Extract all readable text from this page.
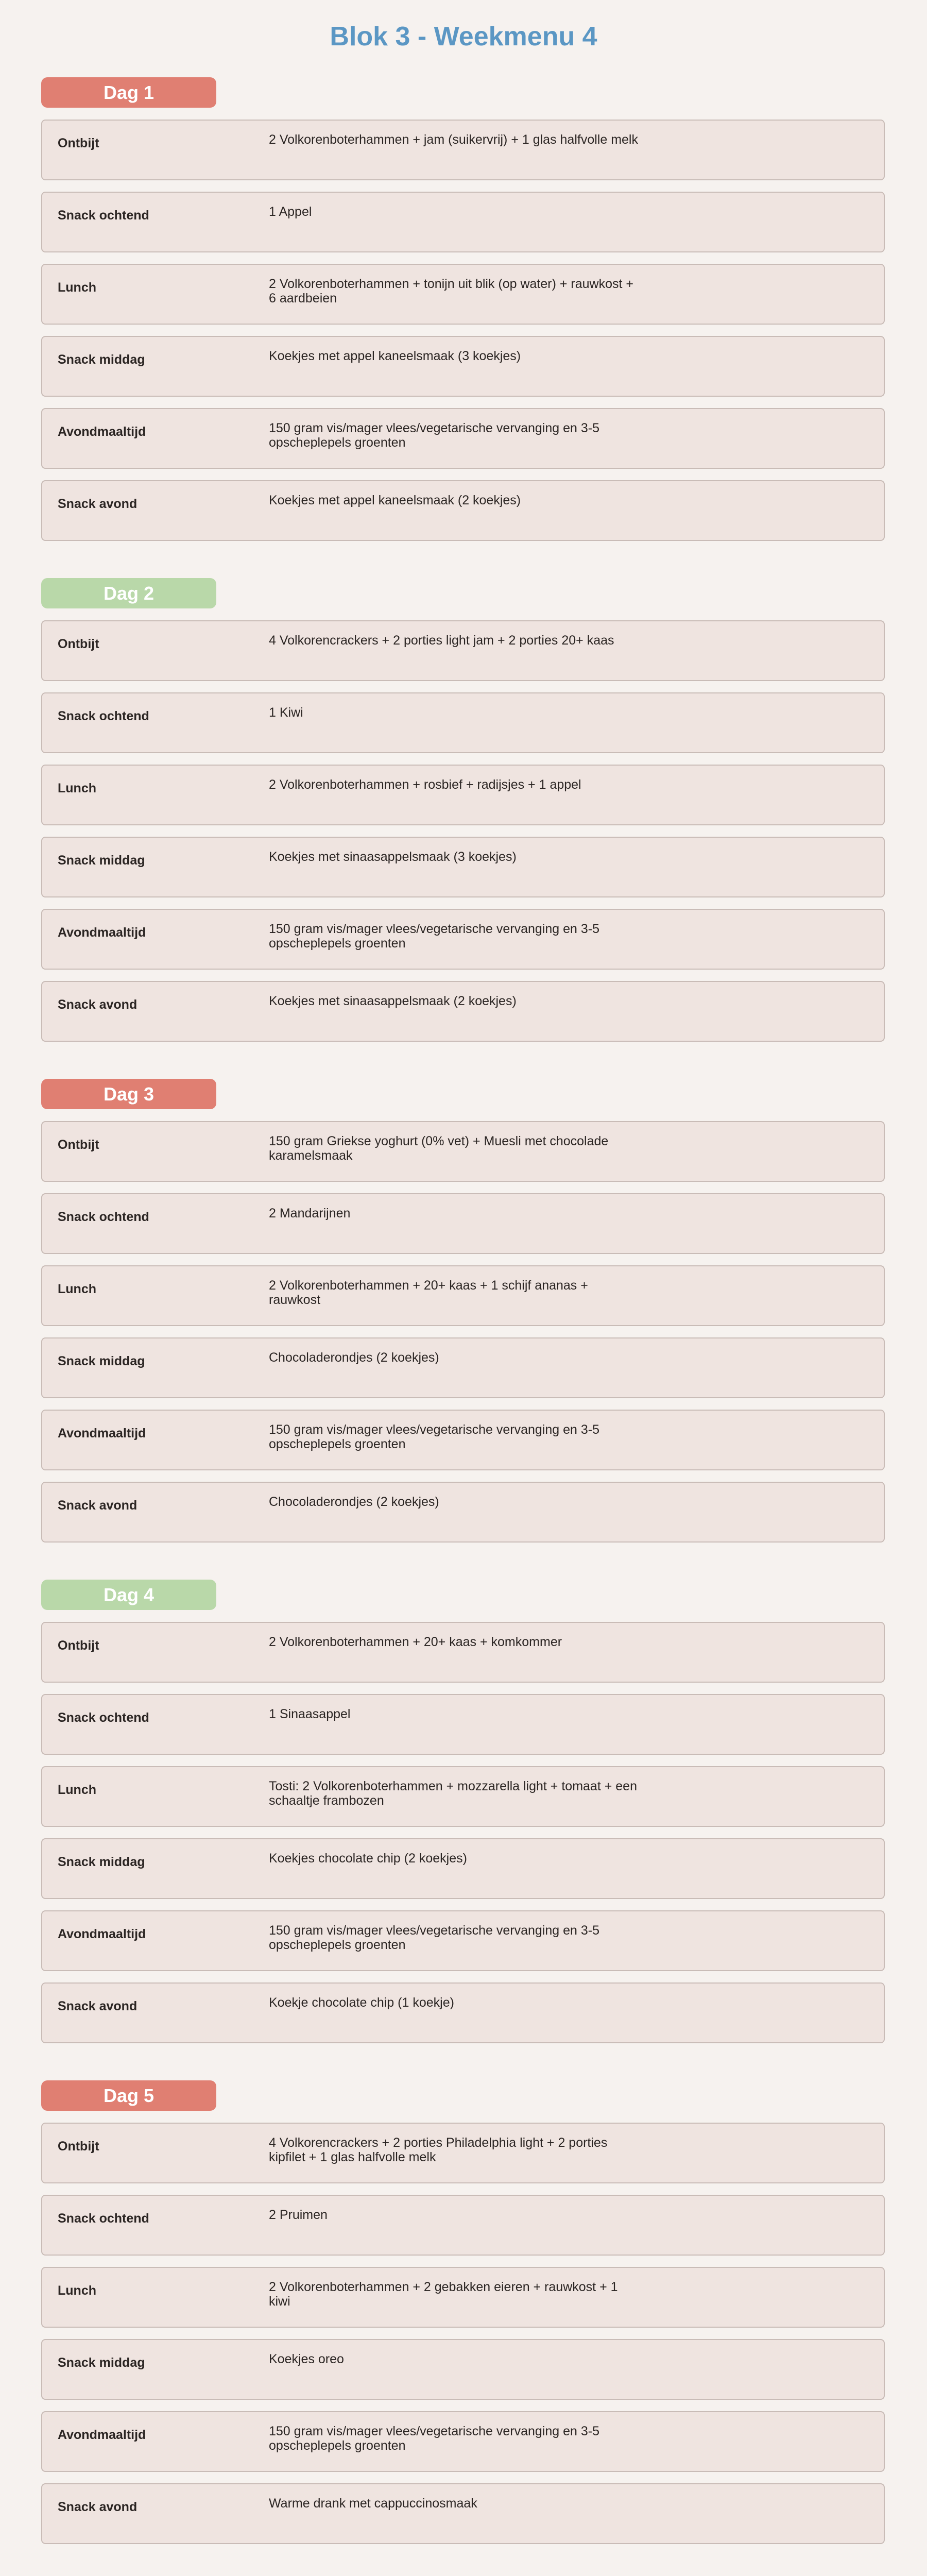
Blok 3 - Weekmenu 4
Dag 1
Ontbijt	2 Volkorenboterhammen + jam (suikervrij) + 1 glas halfvolle melk
Snack ochtend	1 Appel
Lunch	2 Volkorenboterhammen + tonijn uit blik (op water) + rauwkost + 6 aardbeien
Snack middag	Koekjes met appel kaneelsmaak (3 koekjes)
Avondmaaltijd	150 gram vis/mager vlees/vegetarische vervanging en 3-5 opscheplepels groenten
Snack avond	Koekjes met appel kaneelsmaak (2 koekjes)
Dag 2
Ontbijt	4 Volkorencrackers + 2 porties light jam + 2 porties 20+ kaas
Snack ochtend	1 Kiwi
Lunch	2 Volkorenboterhammen + rosbief + radijsjes + 1 appel
Snack middag	Koekjes met sinaasappelsmaak (3 koekjes)
Avondmaaltijd	150 gram vis/mager vlees/vegetarische vervanging en 3-5 opscheplepels groenten
Snack avond	Koekjes met sinaasappelsmaak (2 koekjes)
Dag 3
Ontbijt	150 gram Griekse yoghurt (0% vet) + Muesli met chocolade karamelsmaak
Snack ochtend	2 Mandarijnen
Lunch	2 Volkorenboterhammen + 20+ kaas + 1 schijf ananas + rauwkost
Snack middag	Chocoladerondjes (2 koekjes)
Avondmaaltijd	150 gram vis/mager vlees/vegetarische vervanging en 3-5 opscheplepels groenten
Snack avond	Chocoladerondjes (2 koekjes)
Dag 4
Ontbijt	2 Volkorenboterhammen + 20+ kaas + komkommer
Snack ochtend	1 Sinaasappel
Lunch	Tosti: 2 Volkorenboterhammen + mozzarella light + tomaat + een schaaltje frambozen
Snack middag	Koekjes chocolate chip (2 koekjes)
Avondmaaltijd	150 gram vis/mager vlees/vegetarische vervanging en 3-5 opscheplepels groenten
Snack avond	Koekje chocolate chip (1 koekje)
Dag 5
Ontbijt	4 Volkorencrackers + 2 porties Philadelphia light + 2 porties kipfilet + 1 glas halfvolle melk
Snack ochtend	2 Pruimen
Lunch	2 Volkorenboterhammen + 2 gebakken eieren + rauwkost + 1 kiwi
Snack middag	Koekjes oreo
Avondmaaltijd	150 gram vis/mager vlees/vegetarische vervanging en 3-5 opscheplepels groenten
Snack avond	Warme drank met cappuccinosmaak
